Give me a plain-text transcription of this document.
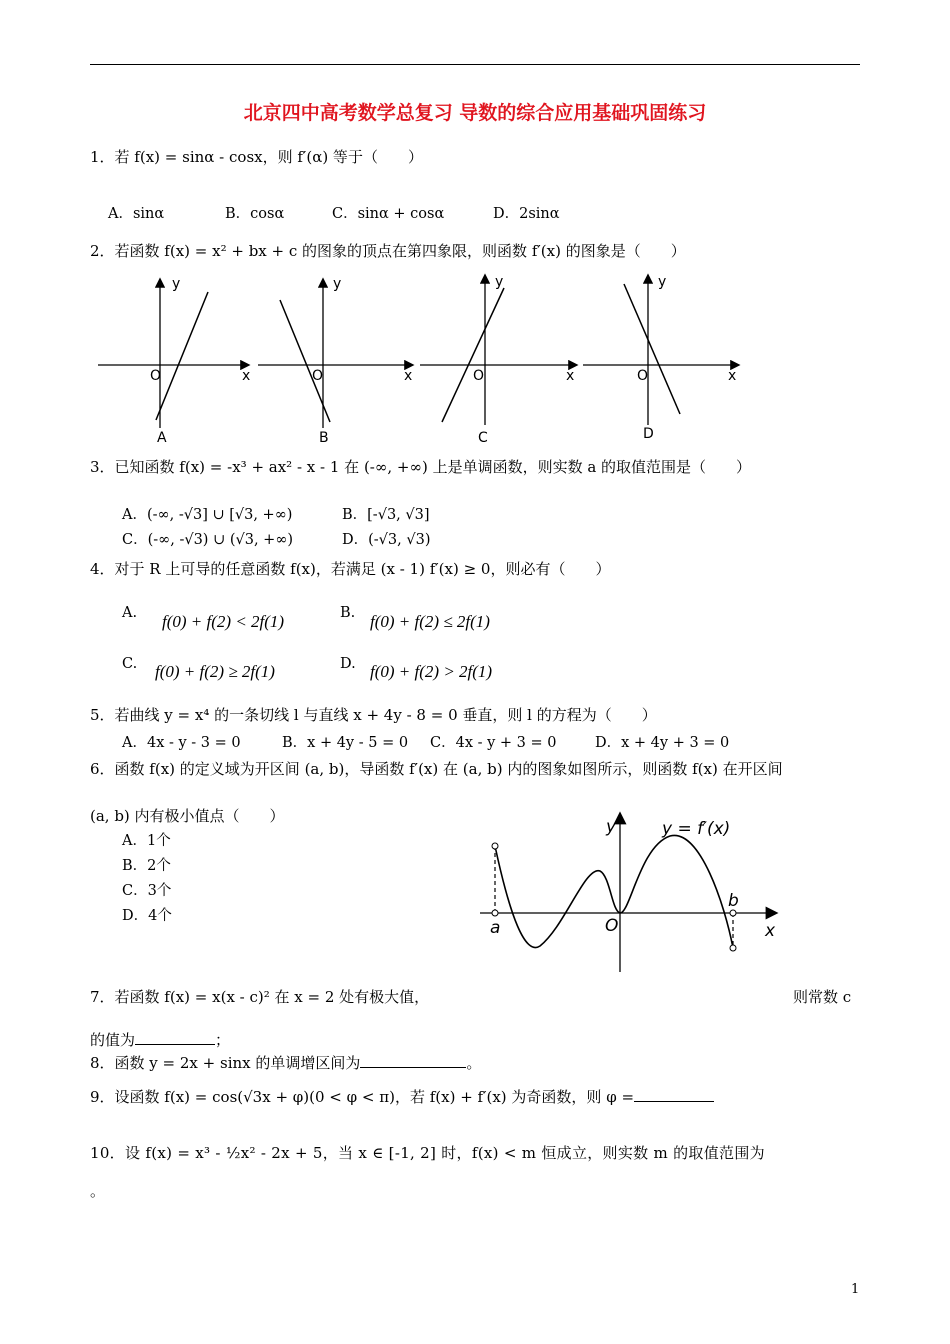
北京四中高考数学总复习 导数的综合应用基础巩固练习
1．若 f(x) = sinα - cosx，则 f′(α) 等于（　　）
A．sinα	B．cosα	C．sinα + cosα	D．2sinα
2．若函数 f(x) = x² + bx + c 的图象的顶点在第四象限，则函数 f′(x) 的图象是（　　）
y
x
O
A
y
x
O
B
y
x
O
C
y
x
O
D
3．已知函数 f(x) = -x³ + ax² - x - 1 在 (-∞, +∞) 上是单调函数，则实数 a 的取值范围是（　　）
A．(-∞, -√3] ∪ [√3, +∞)	B．[-√3, √3]
C．(-∞, -√3) ∪ (√3, +∞)	D．(-√3, √3)
4．对于 R 上可导的任意函数 f(x)，若满足 (x - 1) f′(x) ≥ 0，则必有（　　）
A. f(0) + f(2) < 2f(1)	B. f(0) + f(2) ≤ 2f(1)
C. f(0) + f(2) ≥ 2f(1)	D. f(0) + f(2) > 2f(1)
5．若曲线 y = x⁴ 的一条切线 l 与直线 x + 4y - 8 = 0 垂直，则 l 的方程为（　　）
A．4x - y - 3 = 0	B．x + 4y - 5 = 0 C．4x - y + 3 = 0	D．x + 4y + 3 = 0
6．函数 f(x) 的定义域为开区间 (a, b)，导函数 f′(x) 在 (a, b) 内的图象如图所示，则函数 f(x) 在开区间
(a, b) 内有极小值点（　　）
A．1个
B．2个
C．3个
D．4个
y	y = f′(x)
x
O
a
b
7．若函数 f(x) = x(x - c)² 在 x = 2 处有极大值，	则常数 c
的值为	；
8．函数 y = 2x + sinx 的单调增区间为	。
9．设函数 f(x) = cos(√3x + φ)(0 < φ < π)，若 f(x) + f′(x) 为奇函数，则 φ =
10．设 f(x) = x³ - ½x² - 2x + 5，当 x ∈ [-1, 2] 时，f(x) < m 恒成立，则实数 m 的取值范围为
。
1
